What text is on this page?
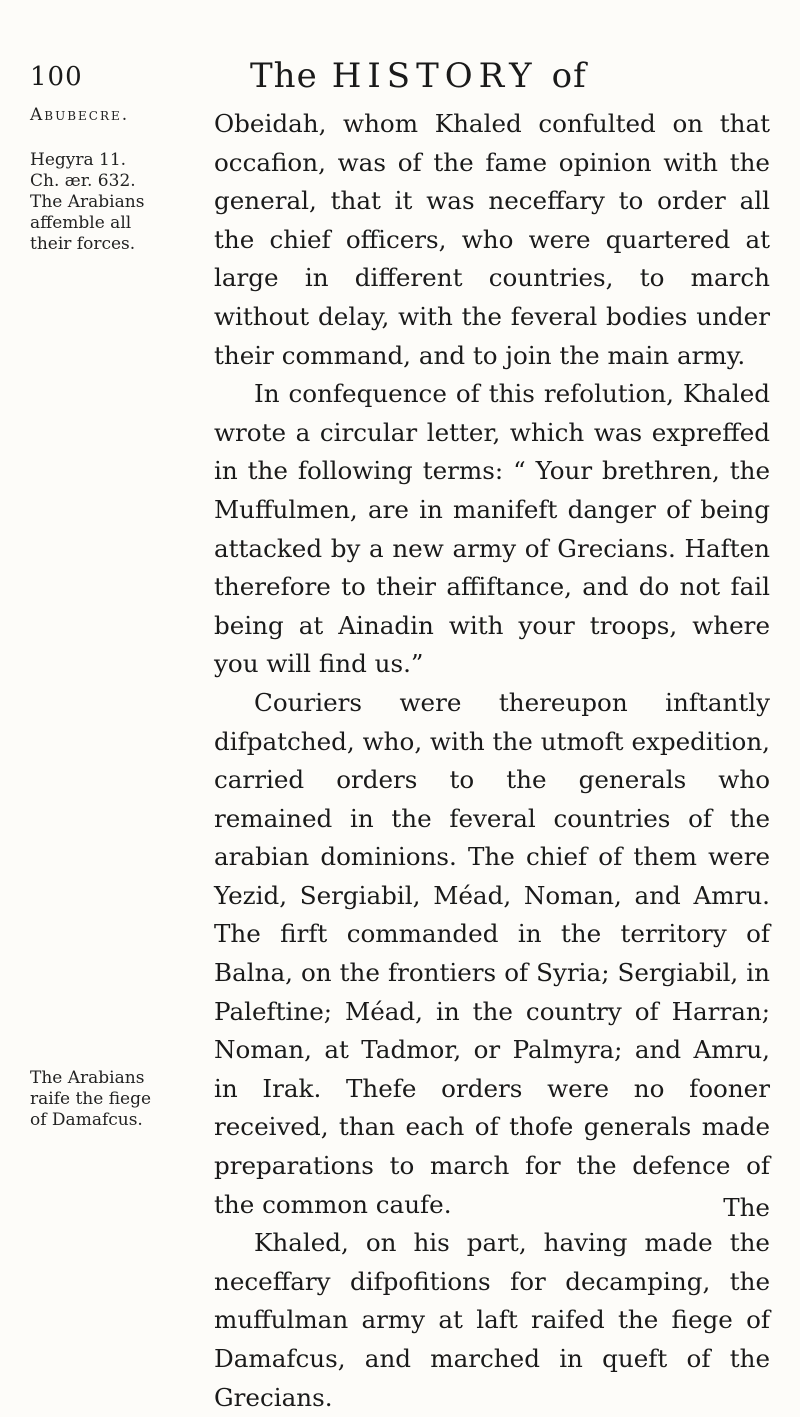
100	The HISTORY of
Abubecre.
Hegyra 11.
Ch. ær. 632.
The Arabians
affemble all
their forces.
The Arabians
raife the fiege
of Damafcus.

Obeidah, whom Khaled confulted on that occafion, was of the fame opinion with the general, that it was neceffary to order all the chief officers, who were quartered at large in different countries, to march without delay, with the feveral bodies under their command, and to join the main army.

In confequence of this refolution, Khaled wrote a circular letter, which was expreffed in the following terms: “ Your brethren, the Muffulmen, are in manifeft danger of being attacked by a new army of Grecians. Haften therefore to their affiftance, and do not fail being at Ainadin with your troops, where you will find us.”

Couriers were thereupon inftantly difpatched, who, with the utmoft expedition, carried orders to the generals who remained in the feveral countries of the arabian dominions. The chief of them were Yezid, Sergiabil, Méad, Noman, and Amru. The firft commanded in the territory of Balna, on the frontiers of Syria; Sergiabil, in Paleftine; Méad, in the country of Harran; Noman, at Tadmor, or Palmyra; and Amru, in Irak. Thefe orders were no fooner received, than each of thofe generals made preparations to march for the defence of the common caufe.

Khaled, on his part, having made the neceffary difpofitions for decamping, the muffulman army at laft raifed the fiege of Damafcus, and marched in queft of the Grecians.

The
